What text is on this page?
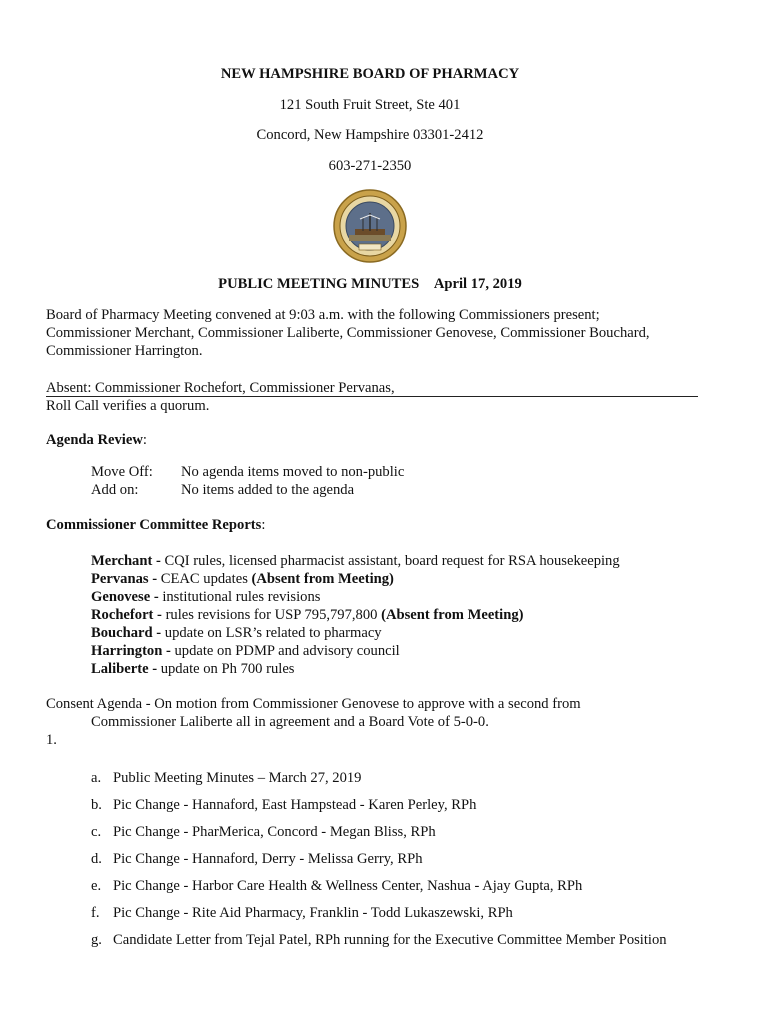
NEW HAMPSHIRE BOARD OF PHARMACY
121 South Fruit Street, Ste 401
Concord, New Hampshire 03301-2412
603-271-2350
PUBLIC MEETING MINUTES April 17, 2019
Board of Pharmacy Meeting convened at 9:03 a.m. with the following Commissioners present;
Commissioner Merchant, Commissioner Laliberte, Commissioner Genovese, Commissioner Bouchard,
Commissioner Harrington.
Absent: Commissioner Rochefort, Commissioner Pervanas,
Roll Call verifies a quorum.
Agenda Review:
Move Off: No agenda items moved to non-public
Add on:	No items added to the agenda
Commissioner Committee Reports:
Merchant - CQI rules, licensed pharmacist assistant, board request for RSA housekeeping
Pervanas - CEAC updates (Absent from Meeting)
Genovese - institutional rules revisions
Rochefort - rules revisions for USP 795,797,800 (Absent from Meeting)
Bouchard - update on LSR’s related to pharmacy
Harrington - update on PDMP and advisory council
Laliberte - update on Ph 700 rules
Consent Agenda - On motion from Commissioner Genovese to approve with a second from
Commissioner Laliberte all in agreement and a Board Vote of 5-0-0.
1.
a. Public Meeting Minutes – March 27, 2019
b. Pic Change - Hannaford, East Hampstead - Karen Perley, RPh
c. Pic Change - PharMerica, Concord - Megan Bliss, RPh
d. Pic Change - Hannaford, Derry - Melissa Gerry, RPh
e. Pic Change - Harbor Care Health & Wellness Center, Nashua - Ajay Gupta, RPh
f. Pic Change - Rite Aid Pharmacy, Franklin - Todd Lukaszewski, RPh
g. Candidate Letter from Tejal Patel, RPh running for the Executive Committee Member Position
